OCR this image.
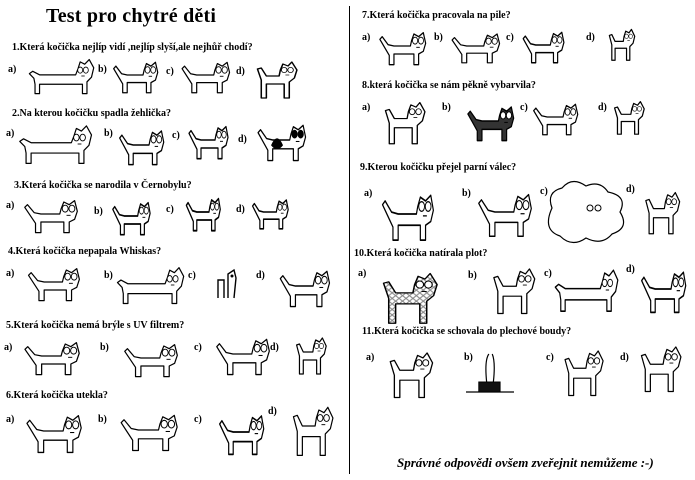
Test pro chytré děti
1.Která kočička nejlíp vidí ,nejlíp slyší,ale nejhůř chodí?
a)	b)	c)	d)
2.Na kterou kočičku spadla žehlička?
a)	b)	c)	d)
3.Která kočička se narodila v Černobylu?
a)
b)	c)	d)
4.Která kočička nepapala Whiskas?
a)	b)	c)	d)
5.Která kočička nemá brýle s UV filtrem?
a)	b)	c)	d)
6.Která kočička utekla?
a)	b)	c)
d)
7.Která kočička pracovala na pile?
a)	b)	c)	d)
8.která kočička se nám pěkně vybarvila?
a)	b)	c)	d)
9.Kterou kočičku přejel parní válec?
a)	b)	c)	d)
10.Která kočička natírala plot?
a)	b)	c)	d)
11.Která kočička se schovala do plechové boudy?
a)	b)	c)	d)
Správné odpovědi ovšem zveřejnit nemůžeme :-)
